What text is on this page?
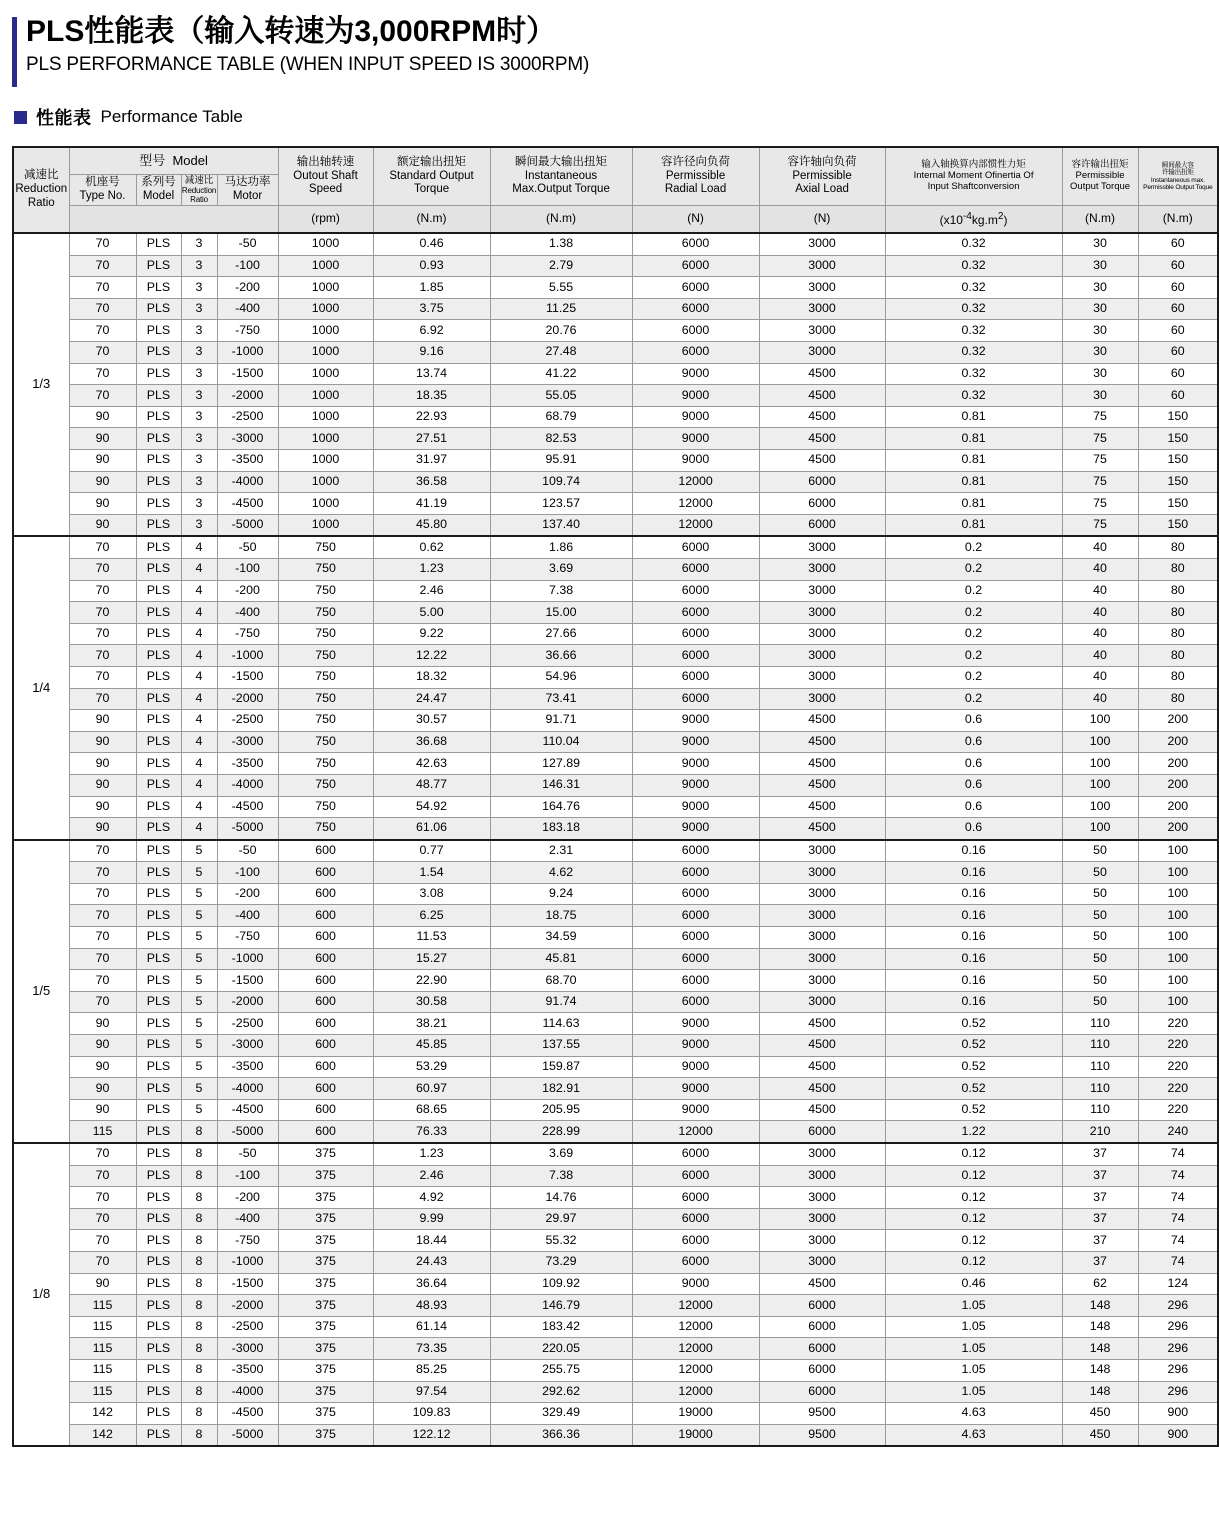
PLS性能表（输入转速为3,000RPM时）
PLS PERFORMANCE TABLE (WHEN INPUT SPEED IS 3000RPM)
性能表 Performance Table
减速比
Reduction
Ratio	型号 Model				输出轴转速
Outout Shaft
Speed	额定输出扭矩
Standard Output
Torque	瞬间最大输出扭矩
Instantaneous
Max.Output Torque	容许径向负荷
Permissible
Radial Load	容许轴向负荷
Permissible
Axial Load	输入轴换算内部惯性力矩
Internal Moment Ofinertia Of
Input Shaftconversion	容许输出扭矩
Permissible
Output Torque	瞬间最大容
许输出扭矩
Instantaneous max.
Permissble Output Toque

	机座号
Type No.	系列号
Model	减速比
Reduction
Ratio	马达功率
Motor								

					(rpm)	(N.m)	(N.m)	(N)	(N)	$(x10^{-4}kg.m^2)$	(N.m)	(N.m)
1/3	70	PLS	3	-50	1000	0.46	1.38	6000	3000	0.32	30	60
	70	PLS	3	-100	1000	0.93	2.79	6000	3000	0.32	30	60
	70	PLS	3	-200	1000	1.85	5.55	6000	3000	0.32	30	60
	70	PLS	3	-400	1000	3.75	11.25	6000	3000	0.32	30	60
	70	PLS	3	-750	1000	6.92	20.76	6000	3000	0.32	30	60
	70	PLS	3	-1000	1000	9.16	27.48	6000	3000	0.32	30	60
	70	PLS	3	-1500	1000	13.74	41.22	9000	4500	0.32	30	60
	70	PLS	3	-2000	1000	18.35	55.05	9000	4500	0.32	30	60
	90	PLS	3	-2500	1000	22.93	68.79	9000	4500	0.81	75	150
	90	PLS	3	-3000	1000	27.51	82.53	9000	4500	0.81	75	150
	90	PLS	3	-3500	1000	31.97	95.91	9000	4500	0.81	75	150
	90	PLS	3	-4000	1000	36.58	109.74	12000	6000	0.81	75	150
	90	PLS	3	-4500	1000	41.19	123.57	12000	6000	0.81	75	150
	90	PLS	3	-5000	1000	45.80	137.40	12000	6000	0.81	75	150
1/4	70	PLS	4	-50	750	0.62	1.86	6000	3000	0.2	40	80
	70	PLS	4	-100	750	1.23	3.69	6000	3000	0.2	40	80
	70	PLS	4	-200	750	2.46	7.38	6000	3000	0.2	40	80
	70	PLS	4	-400	750	5.00	15.00	6000	3000	0.2	40	80
	70	PLS	4	-750	750	9.22	27.66	6000	3000	0.2	40	80
	70	PLS	4	-1000	750	12.22	36.66	6000	3000	0.2	40	80
	70	PLS	4	-1500	750	18.32	54.96	6000	3000	0.2	40	80
	70	PLS	4	-2000	750	24.47	73.41	6000	3000	0.2	40	80
	90	PLS	4	-2500	750	30.57	91.71	9000	4500	0.6	100	200
	90	PLS	4	-3000	750	36.68	110.04	9000	4500	0.6	100	200
	90	PLS	4	-3500	750	42.63	127.89	9000	4500	0.6	100	200
	90	PLS	4	-4000	750	48.77	146.31	9000	4500	0.6	100	200
	90	PLS	4	-4500	750	54.92	164.76	9000	4500	0.6	100	200
	90	PLS	4	-5000	750	61.06	183.18	9000	4500	0.6	100	200
1/5	70	PLS	5	-50	600	0.77	2.31	6000	3000	0.16	50	100
	70	PLS	5	-100	600	1.54	4.62	6000	3000	0.16	50	100
	70	PLS	5	-200	600	3.08	9.24	6000	3000	0.16	50	100
	70	PLS	5	-400	600	6.25	18.75	6000	3000	0.16	50	100
	70	PLS	5	-750	600	11.53	34.59	6000	3000	0.16	50	100
	70	PLS	5	-1000	600	15.27	45.81	6000	3000	0.16	50	100
	70	PLS	5	-1500	600	22.90	68.70	6000	3000	0.16	50	100
	70	PLS	5	-2000	600	30.58	91.74	6000	3000	0.16	50	100
	90	PLS	5	-2500	600	38.21	114.63	9000	4500	0.52	110	220
	90	PLS	5	-3000	600	45.85	137.55	9000	4500	0.52	110	220
	90	PLS	5	-3500	600	53.29	159.87	9000	4500	0.52	110	220
	90	PLS	5	-4000	600	60.97	182.91	9000	4500	0.52	110	220
	90	PLS	5	-4500	600	68.65	205.95	9000	4500	0.52	110	220
	115	PLS	8	-5000	600	76.33	228.99	12000	6000	1.22	210	240
1/8	70	PLS	8	-50	375	1.23	3.69	6000	3000	0.12	37	74
	70	PLS	8	-100	375	2.46	7.38	6000	3000	0.12	37	74
	70	PLS	8	-200	375	4.92	14.76	6000	3000	0.12	37	74
	70	PLS	8	-400	375	9.99	29.97	6000	3000	0.12	37	74
	70	PLS	8	-750	375	18.44	55.32	6000	3000	0.12	37	74
	70	PLS	8	-1000	375	24.43	73.29	6000	3000	0.12	37	74
	90	PLS	8	-1500	375	36.64	109.92	9000	4500	0.46	62	124
	115	PLS	8	-2000	375	48.93	146.79	12000	6000	1.05	148	296
	115	PLS	8	-2500	375	61.14	183.42	12000	6000	1.05	148	296
	115	PLS	8	-3000	375	73.35	220.05	12000	6000	1.05	148	296
	115	PLS	8	-3500	375	85.25	255.75	12000	6000	1.05	148	296
	115	PLS	8	-4000	375	97.54	292.62	12000	6000	1.05	148	296
	142	PLS	8	-4500	375	109.83	329.49	19000	9500	4.63	450	900
	142	PLS	8	-5000	375	122.12	366.36	19000	9500	4.63	450	900
